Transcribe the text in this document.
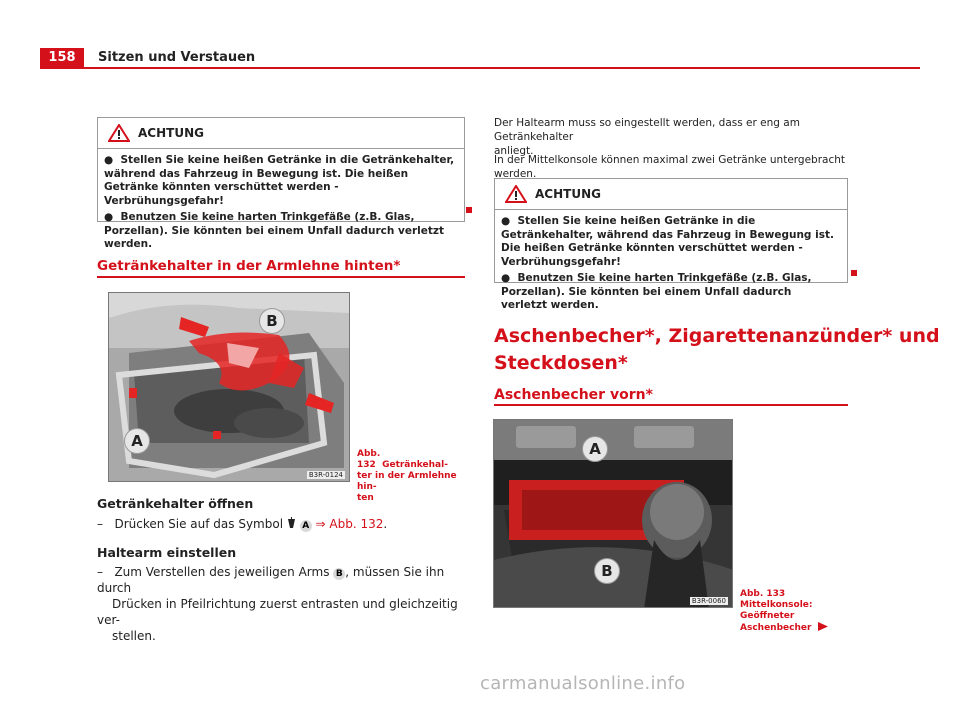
158	Sitzen und Verstauen
ACHTUNG

●  Stellen Sie keine heißen Getränke in die Getränkehalter, während das Fahrzeug in Bewegung ist. Die heißen Getränke könnten verschüttet werden - Verbrühungsgefahr!

●  Benutzen Sie keine harten Trinkgefäße (z.B. Glas, Porzellan). Sie könnten bei einem Unfall dadurch verletzt werden.

Getränkehalter in der Armlehne hinten*
B
A
B3R-0124
Abb. 132 Getränkehal-
ter in der Armlehne hin-
ten
Getränkehalter öffnen
–   Drücken Sie auf das Symbol A ⇒ Abb. 132.
Haltearm einstellen
–   Zum Verstellen des jeweiligen Arms B , müssen Sie ihn durch
Drücken in Pfeilrichtung zuerst entrasten und gleichzeitig ver-
stellen.
Der Haltearm muss so eingestellt werden, dass er eng am Getränkehalter
anliegt.
In der Mittelkonsole können maximal zwei Getränke untergebracht werden.
ACHTUNG

●  Stellen Sie keine heißen Getränke in die Getränkehalter, während das Fahrzeug in Bewegung ist. Die heißen Getränke könnten verschüttet werden - Verbrühungsgefahr!

●  Benutzen Sie keine harten Trinkgefäße (z.B. Glas, Porzellan). Sie könnten bei einem Unfall dadurch verletzt werden.

Aschenbecher*, Zigarettenanzünder* und
Steckdosen*
Aschenbecher vorn*
A
B
B3R-0060
Abb. 133 Mittelkonsole:
Geöffneter Aschenbecher
carmanualsonline.info
